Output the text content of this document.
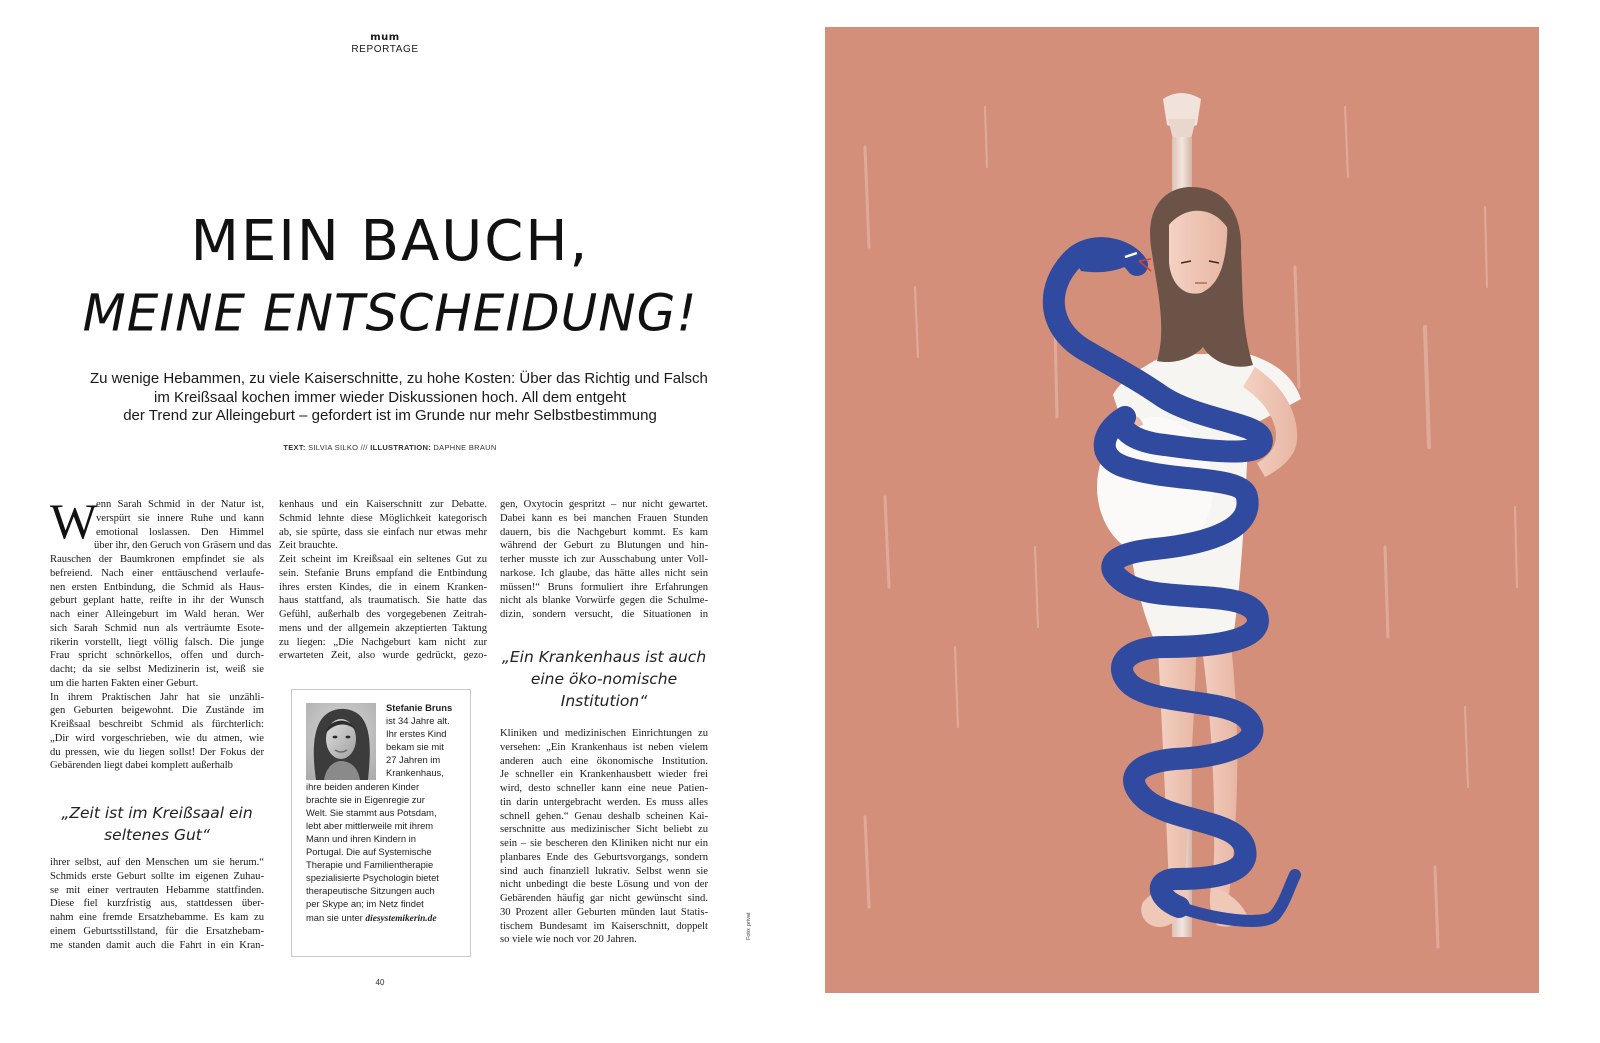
mum
REPORTAGE
MEIN BAUCH,
MEINE ENTSCHEIDUNG!
Zu wenige Hebammen, zu viele Kaiserschnitte, zu hohe Kosten: Über das Richtig und Falsch
im Kreißsaal kochen immer wieder Diskussionen hoch. All dem entgeht
der Trend zur Alleingeburt – gefordert ist im Grunde nur mehr Selbstbestimmung
TEXT: SILVIA SILKO /// ILLUSTRATION: DAPHNE BRAUN
W
enn Sarah Schmid in der Natur ist,
verspürt sie innere Ruhe und kann
emotional loslassen. Den Himmel
über ihr, den Geruch von Gräsern und das
Rauschen der Baumkronen empfindet sie als
befreiend. Nach einer enttäuschend verlaufe-
nen ersten Entbindung, die Schmid als Haus-
geburt geplant hatte, reifte in ihr der Wunsch
nach einer Alleingeburt im Wald heran. Wer
sich Sarah Schmid nun als verträumte Esote-
rikerin vorstellt, liegt völlig falsch. Die junge
Frau spricht schnörkellos, offen und durch-
dacht; da sie selbst Medizinerin ist, weiß sie
um die harten Fakten einer Geburt.
In ihrem Praktischen Jahr hat sie unzähli-
gen Geburten beigewohnt. Die Zustände im
Kreißsaal beschreibt Schmid als fürchterlich:
„Dir wird vorgeschrieben, wie du atmen, wie
du pressen, wie du liegen sollst! Der Fokus der
Gebärenden liegt dabei komplett außerhalb
„Zeit ist im Kreißsaal ein seltenes Gut“
ihrer selbst, auf den Menschen um sie herum.“
Schmids erste Geburt sollte im eigenen Zuhau-
se mit einer vertrauten Hebamme stattfinden.
Diese fiel kurzfristig aus, stattdessen über-
nahm eine fremde Ersatzhebamme. Es kam zu
einem Geburtsstillstand, für die Ersatzhebam-
me standen damit auch die Fahrt in ein Kran-
kenhaus und ein Kaiserschnitt zur Debatte.
Schmid lehnte diese Möglichkeit kategorisch
ab, sie spürte, dass sie einfach nur etwas mehr
Zeit brauchte.
Zeit scheint im Kreißsaal ein seltenes Gut zu
sein. Stefanie Bruns empfand die Entbindung
ihres ersten Kindes, die in einem Kranken-
haus stattfand, als traumatisch. Sie hatte das
Gefühl, außerhalb des vorgegebenen Zeitrah-
mens und der allgemein akzeptierten Taktung
zu liegen: „Die Nachgeburt kam nicht zur
erwarteten Zeit, also wurde gedrückt, gezo-
Stefanie Bruns
ist 34 Jahre alt.
Ihr erstes Kind
bekam sie mit
27 Jahren im
Krankenhaus,
ihre beiden anderen Kinder
brachte sie in Eigenregie zur
Welt. Sie stammt aus Potsdam,
lebt aber mittlerweile mit ihrem
Mann und ihren Kindern in
Portugal. Die auf Systemische
Therapie und Familientherapie
spezialisierte Psychologin bietet
therapeutische Sitzungen auch
per Skype an; im Netz findet
man sie unter diesystemikerin.de
gen, Oxytocin gespritzt – nur nicht gewartet.
Dabei kann es bei manchen Frauen Stunden
dauern, bis die Nachgeburt kommt. Es kam
während der Geburt zu Blutungen und hin-
terher musste ich zur Ausschabung unter Voll-
narkose. Ich glaube, das hätte alles nicht sein
müssen!“ Bruns formuliert ihre Erfahrungen
nicht als blanke Vorwürfe gegen die Schulme-
dizin, sondern versucht, die Situationen in
„Ein Krankenhaus ist auch eine öko-nomische Institution“
Kliniken und medizinischen Einrichtungen zu
versehen: „Ein Krankenhaus ist neben vielem
anderen auch eine ökonomische Institution.
Je schneller ein Krankenhausbett wieder frei
wird, desto schneller kann eine neue Patien-
tin darin untergebracht werden. Es muss alles
schnell gehen.“ Genau deshalb scheinen Kai-
serschnitte aus medizinischer Sicht beliebt zu
sein – sie bescheren den Kliniken nicht nur ein
planbares Ende des Geburtsvorgangs, sondern
sind auch finanziell lukrativ. Selbst wenn sie
nicht unbedingt die beste Lösung und von der
Gebärenden häufig gar nicht gewünscht sind.
30 Prozent aller Geburten münden laut Statis-
tischem Bundesamt im Kaiserschnitt, doppelt
so viele wie noch vor 20 Jahren.
40
Foto: privat
